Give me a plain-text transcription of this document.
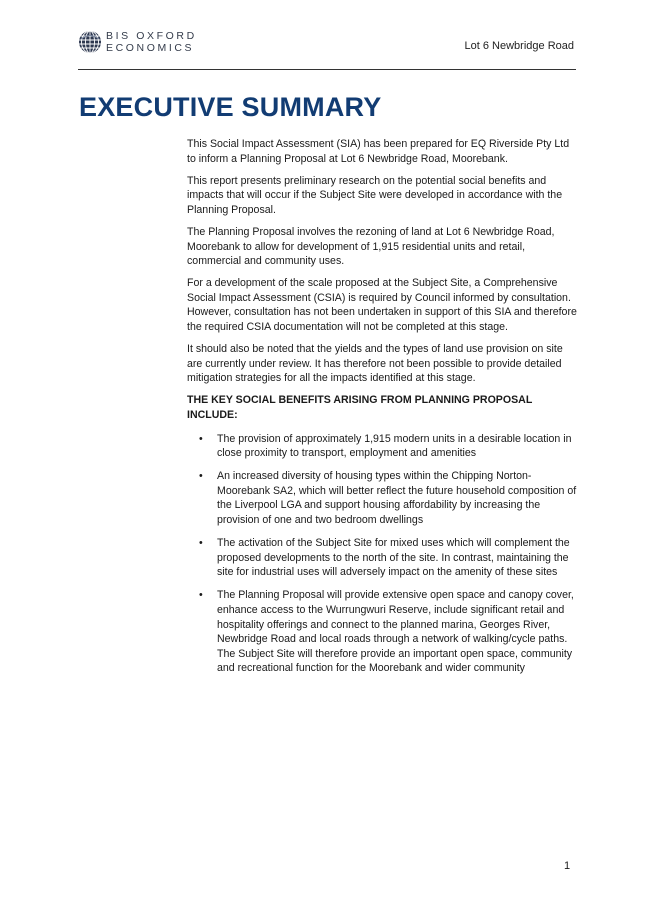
BIS OXFORD
ECONOMICS	Lot 6 Newbridge Road
EXECUTIVE SUMMARY

This Social Impact Assessment (SIA) has been prepared for EQ Riverside Pty Ltd to inform a Planning Proposal at Lot 6 Newbridge Road, Moorebank.

This report presents preliminary research on the potential social benefits and impacts that will occur if the Subject Site were developed in accordance with the Planning Proposal.

The Planning Proposal involves the rezoning of land at Lot 6 Newbridge Road, Moorebank to allow for development of 1,915 residential units and retail, commercial and community uses.

For a development of the scale proposed at the Subject Site, a Comprehensive Social Impact Assessment (CSIA) is required by Council informed by consultation. However, consultation has not been undertaken in support of this SIA and therefore the required CSIA documentation will not be completed at this stage.

It should also be noted that the yields and the types of land use provision on site are currently under review. It has therefore not been possible to provide detailed mitigation strategies for all the impacts identified at this stage.

THE KEY SOCIAL BENEFITS ARISING FROM PLANNING PROPOSAL INCLUDE:

• The provision of approximately 1,915 modern units in a desirable location in close proximity to transport, employment and amenities
• An increased diversity of housing types within the Chipping Norton-Moorebank SA2, which will better reflect the future household composition of the Liverpool LGA and support housing affordability by increasing the provision of one and two bedroom dwellings
• The activation of the Subject Site for mixed uses which will complement the proposed developments to the north of the site. In contrast, maintaining the site for industrial uses will adversely impact on the amenity of these sites
• The Planning Proposal will provide extensive open space and canopy cover, enhance access to the Wurrungwuri Reserve, include significant retail and hospitality offerings and connect to the planned marina, Georges River, Newbridge Road and local roads through a network of walking/cycle paths. The Subject Site will therefore provide an important open space, community and recreational function for the Moorebank and wider community
1
